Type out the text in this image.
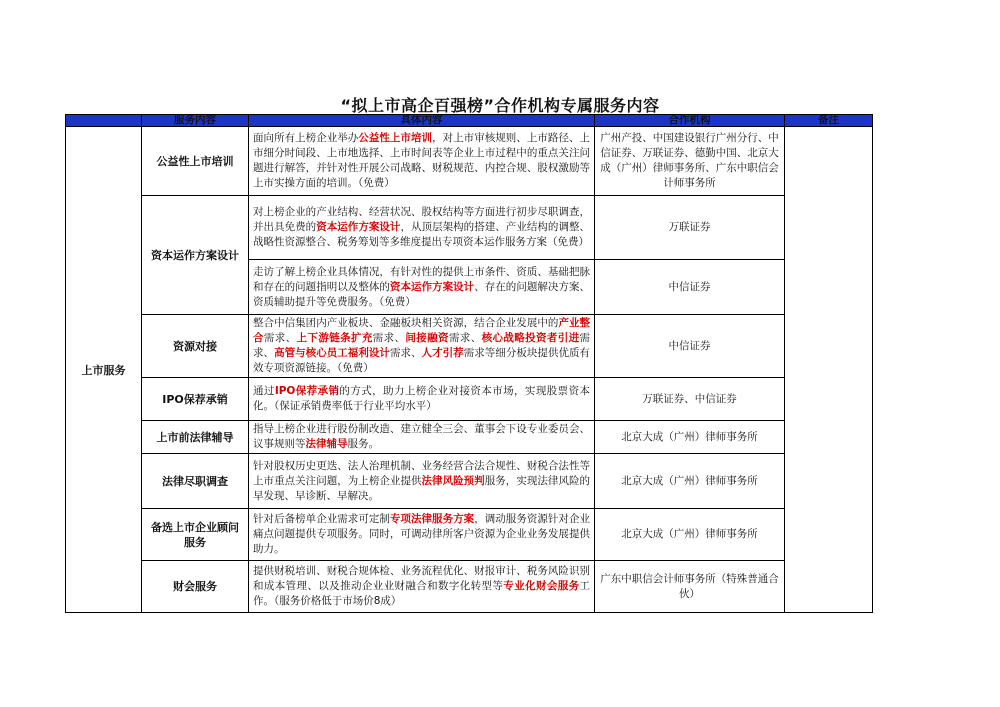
“拟上市高企百强榜”合作机构专属服务内容
	服务内容	具体内容	合作机构	备注
上市服务	公益性上市培训	面向所有上榜企业举办公益性上市培训，对上市审核规则、上市路径、上市细分时间段、上市地选择、上市时间表等企业上市过程中的重点关注问题进行解答，并针对性开展公司战略、财税规范、内控合规、股权激励等上市实操方面的培训。（免费）	广州产投、中国建设银行广州分行、中信证券、万联证券、德勤中国、北京大成（广州）律师事务所、广东中职信会计师事务所	
	资本运作方案设计	对上榜企业的产业结构、经营状况、股权结构等方面进行初步尽职调查，并出具免费的资本运作方案设计，从顶层架构的搭建、产业结构的调整、战略性资源整合、税务筹划等多维度提出专项资本运作服务方案（免费）	万联证券	
		走访了解上榜企业具体情况，有针对性的提供上市条件、资质、基础把脉和存在的问题指明以及整体的资本运作方案设计、存在的问题解决方案、资质辅助提升等免费服务。（免费）	中信证券	
	资源对接	整合中信集团内产业板块、金融板块相关资源，结合企业发展中的产业整合需求、上下游链条扩充需求、间接融资需求、核心战略投资者引进需求、高管与核心员工福利设计需求、人才引荐需求等细分板块提供优质有效专项资源链接。（免费）	中信证券	
	IPO保荐承销	通过IPO保荐承销的方式，助力上榜企业对接资本市场，实现股票资本化。（保证承销费率低于行业平均水平）	万联证券、中信证券	
	上市前法律辅导	指导上榜企业进行股份制改造、建立健全三会、董事会下设专业委员会、议事规则等法律辅导服务。	北京大成（广州）律师事务所	
	法律尽职调查	针对股权历史更迭、法人治理机制、业务经营合法合规性、财税合法性等上市重点关注问题，为上榜企业提供法律风险预判服务，实现法律风险的早发现、早诊断、早解决。	北京大成（广州）律师事务所	
	备选上市企业顾问服务	针对后备榜单企业需求可定制专项法律服务方案，调动服务资源针对企业痛点问题提供专项服务。同时，可调动律所客户资源为企业业务发展提供助力。	北京大成（广州）律师事务所	
	财会服务	提供财税培训、财税合规体检、业务流程优化、财报审计、税务风险识别和成本管理、以及推动企业业财融合和数字化转型等专业化财会服务工作。（服务价格低于市场价8成）	广东中职信会计师事务所（特殊普通合伙）	
